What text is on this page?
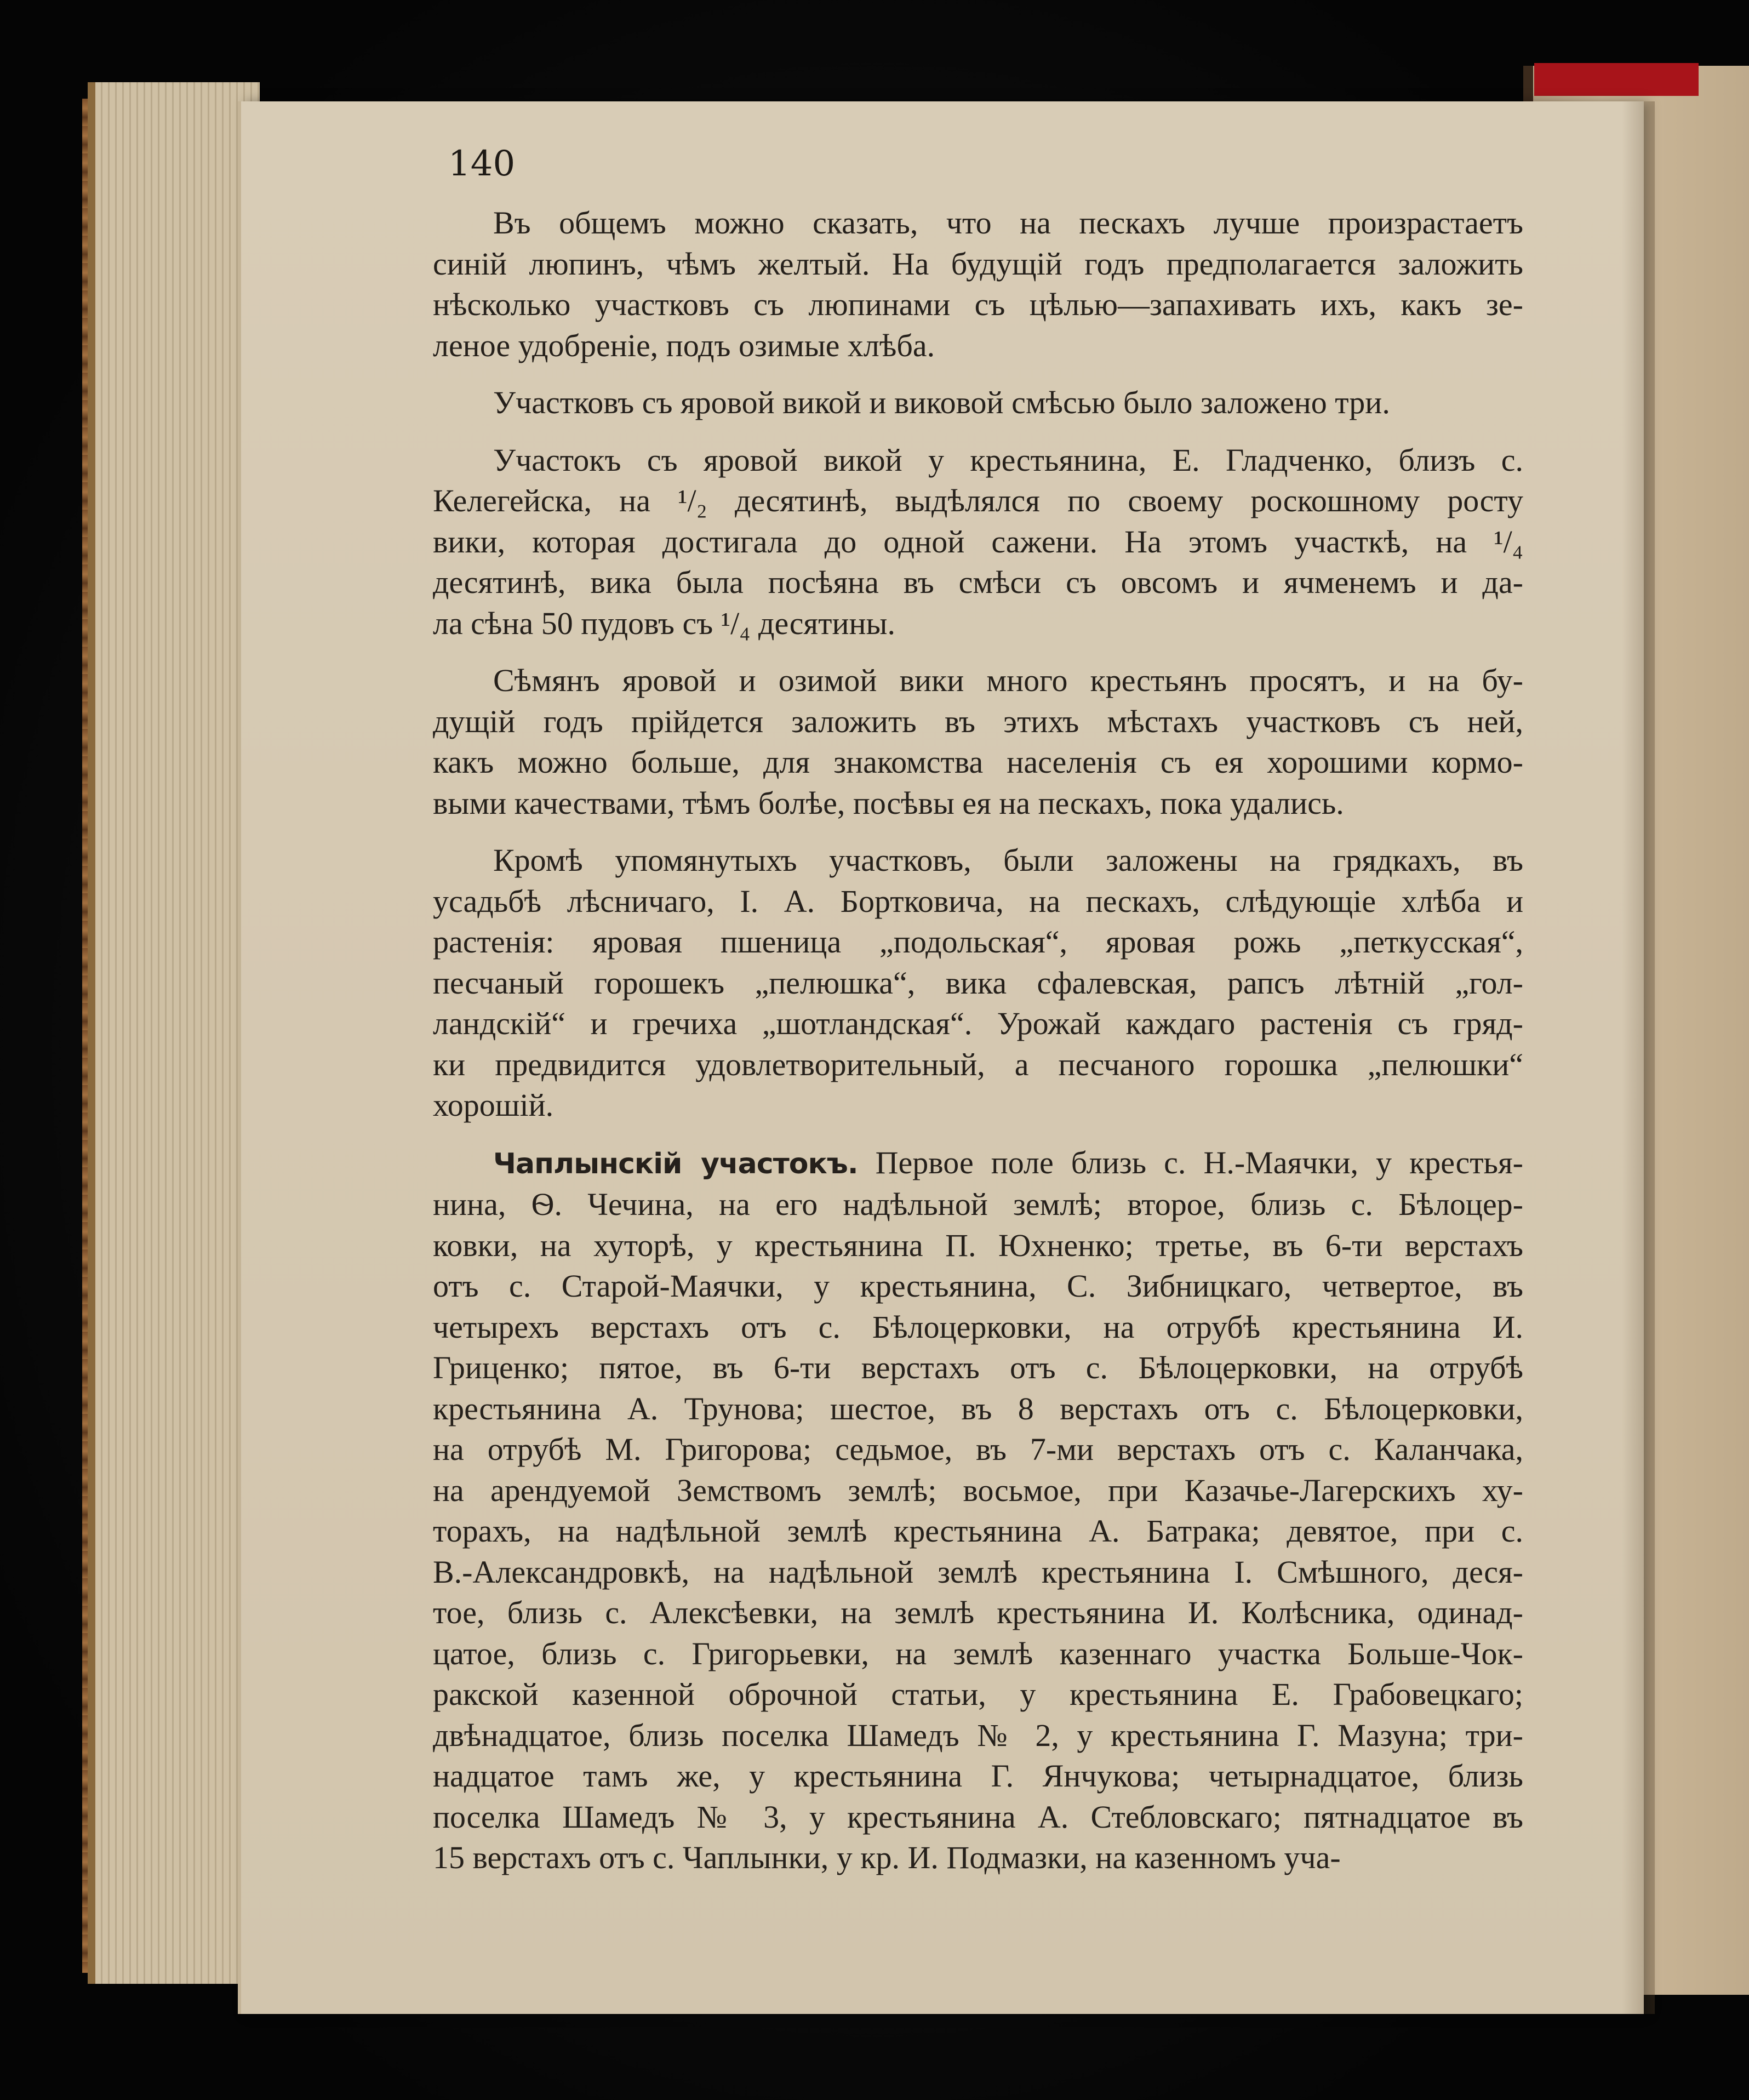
140
Въ общемъ можно сказать, что на пескахъ лучше произрастаетъ
синій люпинъ, чѣмъ желтый. На будущій годъ предполагается заложить
нѣсколько участковъ съ люпинами съ цѣлью—запахивать ихъ, какъ зе-
леное удобреніе, подъ озимые хлѣба.
Участковъ съ яровой викой и виковой смѣсью было заложено три.
Участокъ съ яровой викой у крестьянина, Е. Гладченко, близъ с.
Келегейска, на ¹/₂ десятинѣ, выдѣлялся по своему роскошному росту
вики, которая достигала до одной сажени. На этомъ участкѣ, на ¹/₄
десятинѣ, вика была посѣяна въ смѣси съ овсомъ и ячменемъ и да-
ла сѣна 50 пудовъ съ ¹/₄ десятины.
Сѣмянъ яровой и озимой вики много крестьянъ просятъ, и на бу-
дущій годъ прійдется заложить въ этихъ мѣстахъ участковъ съ ней,
какъ можно больше, для знакомства населенія съ ея хорошими кормо-
выми качествами, тѣмъ болѣе, посѣвы ея на пескахъ, пока удались.
Кромѣ упомянутыхъ участковъ, были заложены на грядкахъ, въ
усадьбѣ лѣсничаго, І. А. Бортковича, на пескахъ, слѣдующіе хлѣба и
растенія: яровая пшеница „подольская“, яровая рожь „петкусская“,
песчаный горошекъ „пелюшка“, вика сфалевская, рапсъ лѣтній „гол-
ландскій“ и гречиха „шотландская“. Урожай каждаго растенія съ гряд-
ки предвидится удовлетворительный, а песчаного горошка „пелюшки“
хорошій.
Чаплынскій участокъ. Первое поле близь с. Н.-Маячки, у крестья-
нина, Ѳ. Чечина, на его надѣльной землѣ; второе, близь с. Бѣлоцер-
ковки, на хуторѣ, у крестьянина П. Юхненко; третье, въ 6-ти верстахъ
отъ с. Старой-Маячки, у крестьянина, С. Зибницкаго, четвертое, въ
четырехъ верстахъ отъ с. Бѣлоцерковки, на отрубѣ крестьянина И.
Гриценко; пятое, въ 6-ти верстахъ отъ с. Бѣлоцерковки, на отрубѣ
крестьянина А. Трунова; шестое, въ 8 верстахъ отъ с. Бѣлоцерковки,
на отрубѣ М. Григорова; седьмое, въ 7-ми верстахъ отъ с. Каланчака,
на арендуемой Земствомъ землѣ; восьмое, при Казачье-Лагерскихъ ху-
торахъ, на надѣльной землѣ крестьянина А. Батрака; девятое, при с.
В.-Александровкѣ, на надѣльной землѣ крестьянина І. Смѣшного, деся-
тое, близь с. Алексѣевки, на землѣ крестьянина И. Колѣсника, одинад-
цатое, близь с. Григорьевки, на землѣ казеннаго участка Больше-Чок-
ракской казенной оброчной статьи, у крестьянина Е. Грабовецкаго;
двѣнадцатое, близь поселка Шамедъ № 2, у крестьянина Г. Мазуна; три-
надцатое тамъ же, у крестьянина Г. Янчукова; четырнадцатое, близь
поселка Шамедъ № 3, у крестьянина А. Стебловскаго; пятнадцатое въ
15 верстахъ отъ с. Чаплынки, у кр. И. Подмазки, на казенномъ уча-
